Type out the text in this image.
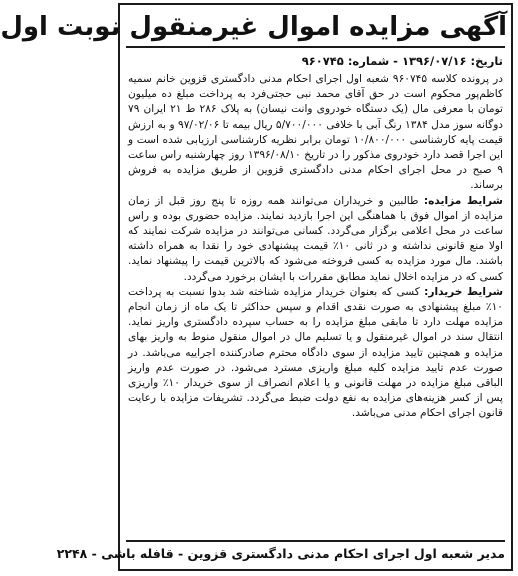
آگهی مزایده اموال غیرمنقول نوبت اول
تاریخ: ۱۳۹۶/۰۷/۱۶ - شماره: ۹۶۰۷۴۵

در پرونده کلاسه ۹۶۰۷۴۵ شعبه اول اجرای احکام مدنی دادگستری قزوین خانم سمیه کاظم‌پور محکوم است در حق آقای محمد نبی حجتی‌فرد به پرداخت مبلغ ده میلیون تومان با معرفی مال (یک دستگاه خودروی وانت نیسان) به پلاک ۲۸۶ ط ۲۱ ایران ۷۹ دوگانه سوز مدل ۱۳۸۴ رنگ آبی با خلافی ۵/۷۰۰/۰۰۰ ریال بیمه تا ۹۷/۰۲/۰۶ و به ارزش قیمت پایه کارشناسی ۱۰/۸۰۰/۰۰۰ تومان برابر نظریه کارشناسی ارزیابی شده است و این اجرا قصد دارد خودروی مذکور را در تاریخ ۱۳۹۶/۰۸/۱۰ روز چهارشنبه راس ساعت ۹ صبح در محل اجرای احکام مدنی دادگستری قزوین از طریق مزایده به فروش برساند.

شرایط مزایده: طالبین و خریداران می‌توانند همه روزه تا پنج روز قبل از زمان مزایده از اموال فوق با هماهنگی این اجرا بازدید نمایند. مزایده حضوری بوده و راس ساعت در محل اعلامی برگزار می‌گردد. کسانی می‌توانند در مزایده شرکت نمایند که اولا منع قانونی نداشته و در ثانی ۱۰٪ قیمت پیشنهادی خود را نقدا به همراه داشته باشند. مال مورد مزایده به کسی فروخته می‌شود که بالاترین قیمت را پیشنهاد نماید. کسی که در مزایده اخلال نماید مطابق مقررات با ایشان برخورد می‌گردد.

شرایط خریدار: کسی که بعنوان خریدار مزایده شناخته شد بدوا نسبت به پرداخت ۱۰٪ مبلغ پیشنهادی به صورت نقدی اقدام و سپس حداکثر تا یک ماه از زمان انجام مزایده مهلت دارد تا مابقی مبلغ مزایده را به حساب سپرده دادگستری واریز نماید. انتقال سند در اموال غیرمنقول و یا تسلیم مال در اموال منقول منوط به واریز بهای مزایده و همچنین تایید مزایده از سوی دادگاه محترم صادرکننده اجراییه می‌باشد. در صورت عدم تایید مزایده کلیه مبلغ واریزی مسترد می‌شود. در صورت عدم واریز الباقی مبلغ مزایده در مهلت قانونی و یا اعلام انصراف از سوی خریدار ۱۰٪ واریزی پس از کسر هزینه‌های مزایده به نفع دولت ضبط می‌گردد. تشریفات مزایده با رعایت قانون اجرای احکام مدنی می‌باشد.

مدیر شعبه اول اجرای احکام مدنی دادگستری قزوین - قافله باشی - ۲۲۴۸
